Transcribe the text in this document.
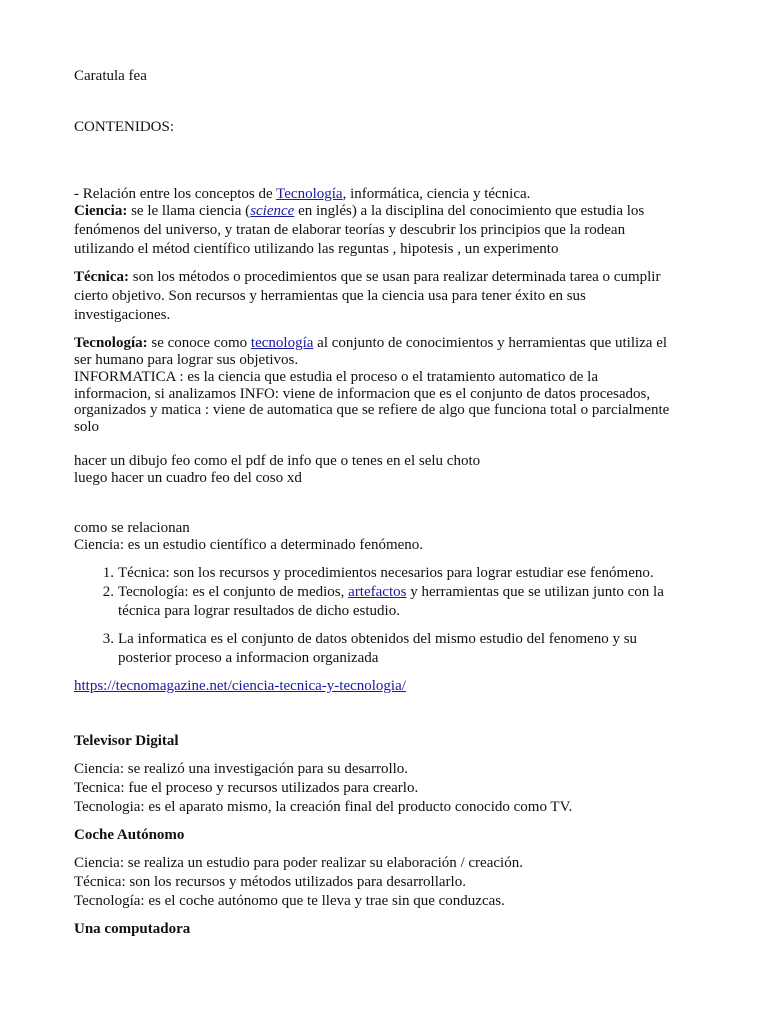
Caratula fea
CONTENIDOS:
- Relación entre los conceptos de Tecnología, informática, ciencia y técnica.
Ciencia: se le llama ciencia (science en inglés) a la disciplina del conocimiento que estudia los
fenómenos del universo, y tratan de elaborar teorías y descubrir los principios que la rodean
utilizando el métod científico utilizando las reguntas , hipotesis , un experimento
Técnica: son los métodos o procedimientos que se usan para realizar determinada tarea o cumplir
cierto objetivo. Son recursos y herramientas que la ciencia usa para tener éxito en sus
investigaciones.
Tecnología: se conoce como tecnología al conjunto de conocimientos y herramientas que utiliza el
ser humano para lograr sus objetivos.
INFORMATICA : es la ciencia que estudia el proceso o el tratamiento automatico de la
informacion, si analizamos INFO: viene de informacion que es el conjunto de datos procesados,
organizados y matica : viene de automatica que se refiere de algo que funciona total o parcialmente
solo
hacer un dibujo feo como el pdf de info que o tenes en el selu choto
luego hacer un cuadro feo del coso xd
como se relacionan
Ciencia: es un estudio científico a determinado fenómeno.
1. Técnica: son los recursos y procedimientos necesarios para lograr estudiar ese fenómeno.
2. Tecnología: es el conjunto de medios, artefactos y herramientas que se utilizan junto con la
técnica para lograr resultados de dicho estudio.
3. La informatica es el conjunto de datos obtenidos del mismo estudio del fenomeno y su
posterior proceso a informacion organizada
https://tecnomagazine.net/ciencia-tecnica-y-tecnologia/
Televisor Digital
Ciencia: se realizó una investigación para su desarrollo.
Tecnica: fue el proceso y recursos utilizados para crearlo.
Tecnologia: es el aparato mismo, la creación final del producto conocido como TV.
Coche Autónomo
Ciencia: se realiza un estudio para poder realizar su elaboración / creación.
Técnica: son los recursos y métodos utilizados para desarrollarlo.
Tecnología: es el coche autónomo que te lleva y trae sin que conduzcas.
Una computadora
